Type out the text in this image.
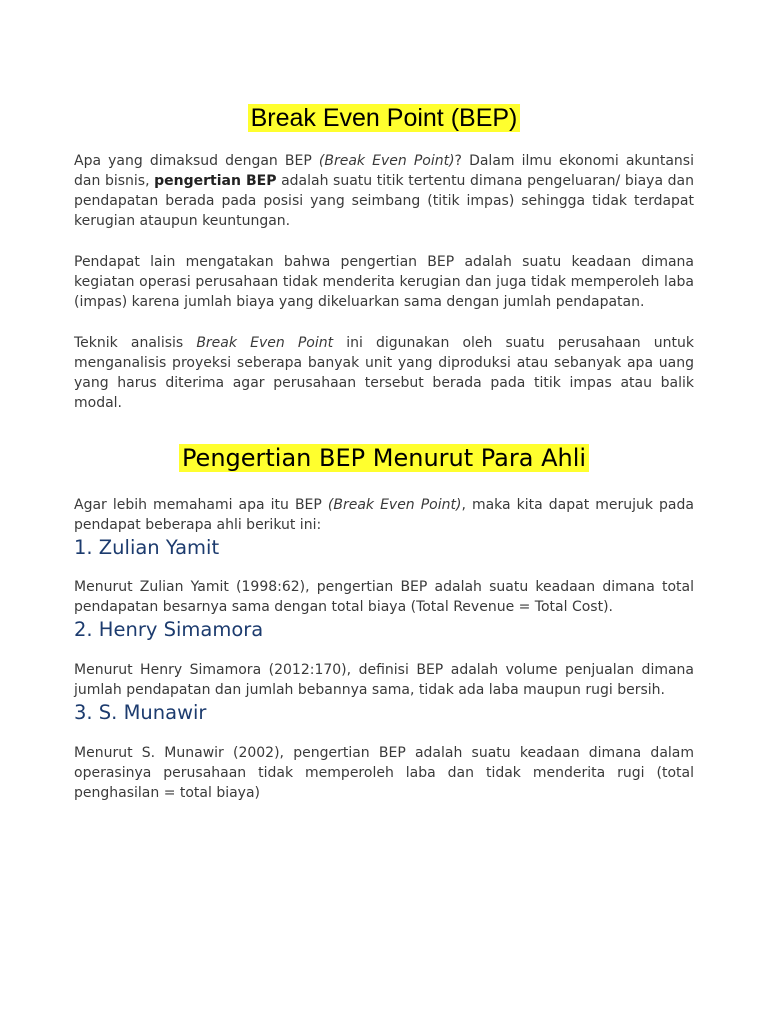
Break Even Point (BEP)

Apa yang dimaksud dengan BEP (Break Even Point)? Dalam ilmu ekonomi akuntansi dan bisnis, pengertian BEP adalah suatu titik tertentu dimana pengeluaran/ biaya dan pendapatan berada pada posisi yang seimbang (titik impas) sehingga tidak terdapat kerugian ataupun keuntungan.

Pendapat lain mengatakan bahwa pengertian BEP adalah suatu keadaan dimana kegiatan operasi perusahaan tidak menderita kerugian dan juga tidak memperoleh laba (impas) karena jumlah biaya yang dikeluarkan sama dengan jumlah pendapatan.

Teknik analisis Break Even Point ini digunakan oleh suatu perusahaan untuk menganalisis proyeksi seberapa banyak unit yang diproduksi atau sebanyak apa uang yang harus diterima agar perusahaan tersebut berada pada titik impas atau balik modal.

Pengertian BEP Menurut Para Ahli

Agar lebih memahami apa itu BEP (Break Even Point), maka kita dapat merujuk pada pendapat beberapa ahli berikut ini:

1. Zulian Yamit

Menurut Zulian Yamit (1998:62), pengertian BEP adalah suatu keadaan dimana total pendapatan besarnya sama dengan total biaya (Total Revenue = Total Cost).

2. Henry Simamora

Menurut Henry Simamora (2012:170), definisi BEP adalah volume penjualan dimana jumlah pendapatan dan jumlah bebannya sama, tidak ada laba maupun rugi bersih.

3. S. Munawir

Menurut S. Munawir (2002), pengertian BEP adalah suatu keadaan dimana dalam operasinya perusahaan tidak memperoleh laba dan tidak menderita rugi (total penghasilan = total biaya)
